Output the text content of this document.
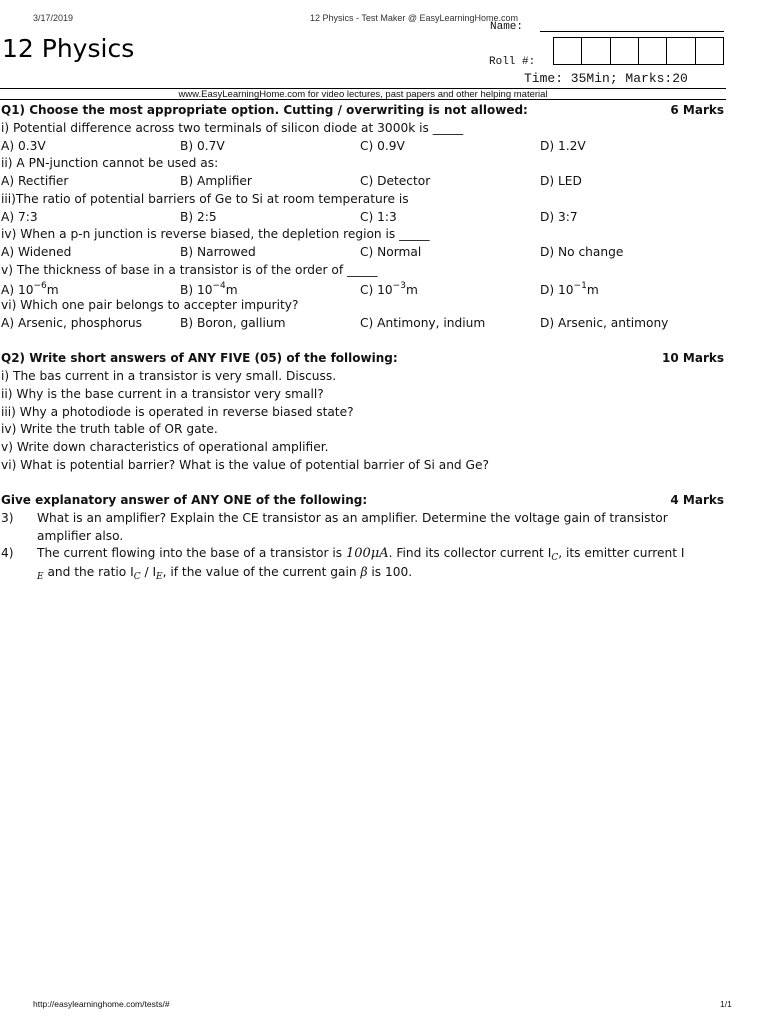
3/17/2019	12 Physics - Test Maker @ EasyLearningHome.com
12 Physics
Name:
Roll #:
Time: 35Min; Marks:20
www.EasyLearningHome.com for video lectures, past papers and other helping material
Q1) Choose the most appropriate option. Cutting / overwriting is not allowed:	6 Marks
i) Potential difference across two terminals of silicon diode at 3000k is _____
A) 0.3V	B) 0.7V	C) 0.9V	D) 1.2V
ii) A PN-junction cannot be used as:
A) Rectifier	B) Amplifier	C) Detector	D) LED
iii)The ratio of potential barriers of Ge to Si at room temperature is
A) 7:3	B) 2:5	C) 1:3	D) 3:7
iv) When a p-n junction is reverse biased, the depletion region is _____
A) Widened	B) Narrowed	C) Normal	D) No change
v) The thickness of base in a transistor is of the order of _____
A) $10^{-6}m$	B) $10^{-4}m$	C) $10^{-3}m$	D) $10^{-1}m$
vi) Which one pair belongs to accepter impurity?
A) Arsenic, phosphorus	B) Boron, gallium	C) Antimony, indium	D) Arsenic, antimony
Q2) Write short answers of ANY FIVE (05) of the following:	10 Marks
i) The bas current in a transistor is very small. Discuss.
ii) Why is the base current in a transistor very small?
iii) Why a photodiode is operated in reverse biased state?
iv) Write the truth table of OR gate.
v) Write down characteristics of operational amplifier.
vi) What is potential barrier? What is the value of potential barrier of Si and Ge?
Give explanatory answer of ANY ONE of the following:	4 Marks
3) What is an amplifier? Explain the CE transistor as an amplifier. Determine the voltage gain of transistor
amplifier also.
4) The current flowing into the base of a transistor is 100μA. Find its collector current $I_C$, its emitter current I
$_E$ and the ratio $I_C / I_E$, if the value of the current gain β is 100.
http://easylearninghome.com/tests/#	1/1
